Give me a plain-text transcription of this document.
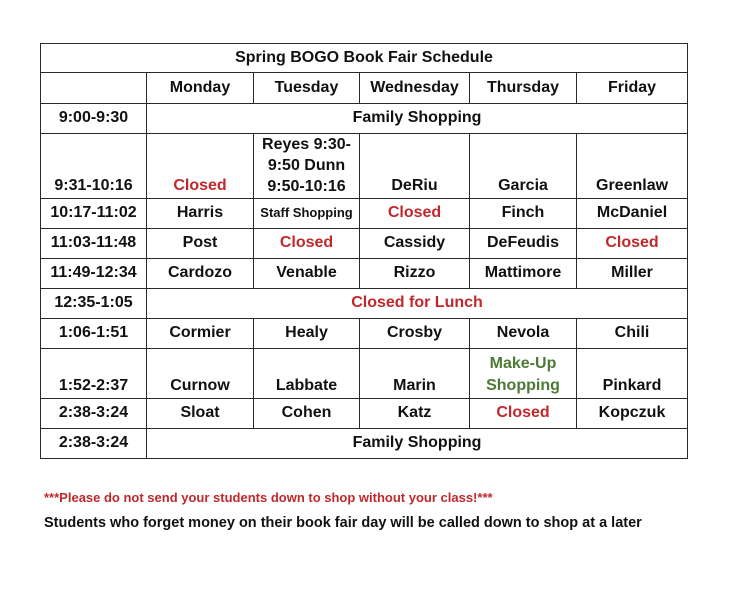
Spring BOGO Book Fair Schedule					
	Monday	Tuesday	Wednesday	Thursday	Friday
9:00-9:30	Family Shopping				
9:31-10:16	Closed	Reyes 9:30-9:50 Dunn 9:50-10:16	DeRiu	Garcia	Greenlaw
10:17-11:02	Harris	Staff Shopping	Closed	Finch	McDaniel
11:03-11:48	Post	Closed	Cassidy	DeFeudis	Closed
11:49-12:34	Cardozo	Venable	Rizzo	Mattimore	Miller
12:35-1:05	Closed for Lunch				
1:06-1:51	Cormier	Healy	Crosby	Nevola	Chili
1:52-2:37	Curnow	Labbate	Marin	Make-Up Shopping	Pinkard
2:38-3:24	Sloat	Cohen	Katz	Closed	Kopczuk
2:38-3:24	Family Shopping				
***Please do not send your students down to shop without your class!***
Students who forget money on their book fair day will be called down to shop at a later
